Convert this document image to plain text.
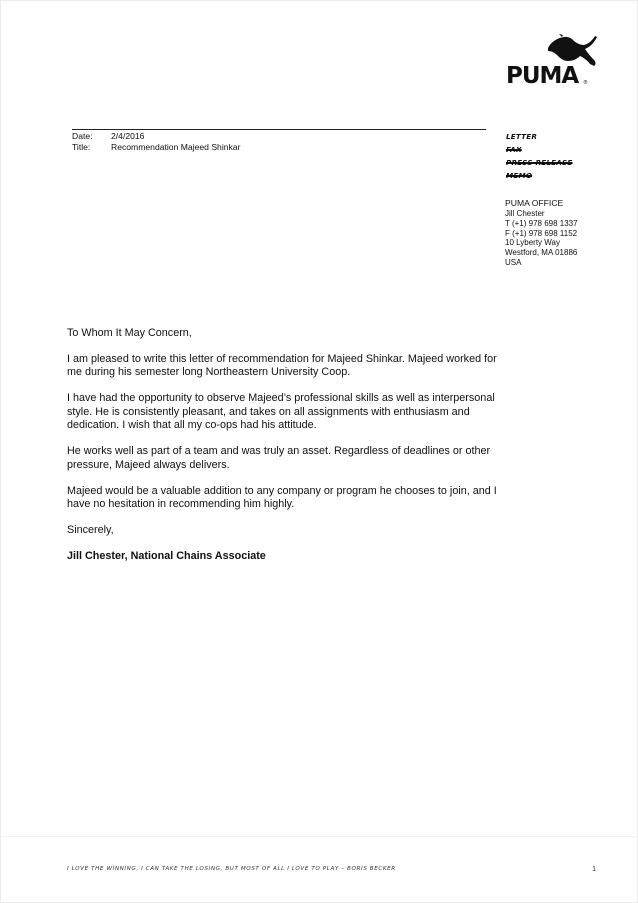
PUMA ®
Date:	2/4/2016
Title:	Recommendation Majeed Shinkar
LETTER
FAX
PRESS RELEASE
MEMO
PUMA OFFICE
Jill Chester
T (+1) 978 698 1337
F (+1) 978 698 1152
10 Lyberty Way
Westford, MA 01886
USA

To Whom It May Concern,

I am pleased to write this letter of recommendation for Majeed Shinkar. Majeed worked for me during his semester long Northeastern University Coop.

I have had the opportunity to observe Majeed’s professional skills as well as interpersonal style. He is consistently pleasant, and takes on all assignments with enthusiasm and dedication. I wish that all my co-ops had his attitude.

He works well as part of a team and was truly an asset. Regardless of deadlines or other pressure, Majeed always delivers.

Majeed would be a valuable addition to any company or program he chooses to join, and I have no hesitation in recommending him highly.

Sincerely,

Jill Chester, National Chains Associate

I LOVE THE WINNING, I CAN TAKE THE LOSING, BUT MOST OF ALL I LOVE TO PLAY – BORIS BECKER	1
